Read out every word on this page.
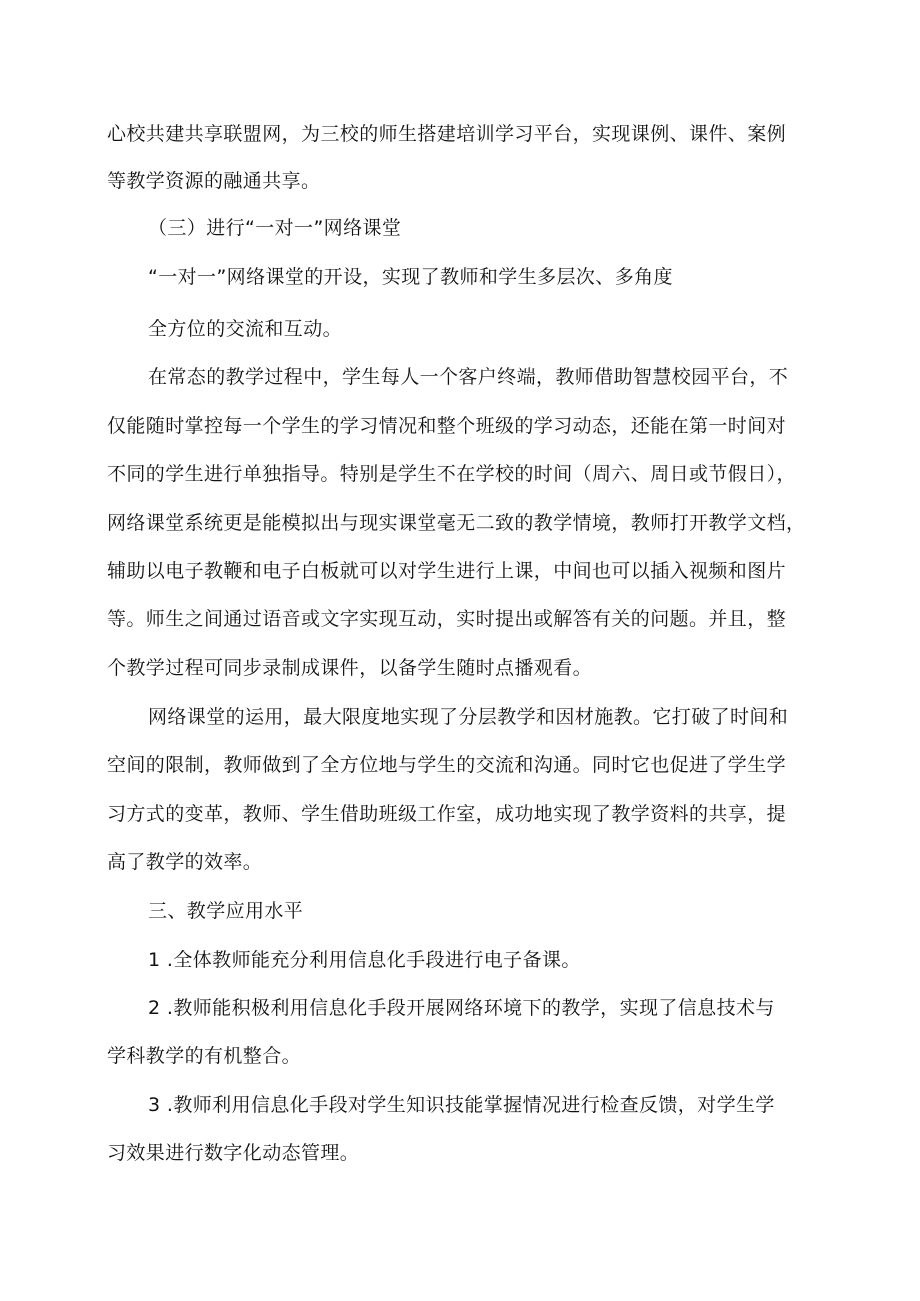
心校共建共享联盟网，为三校的师生搭建培训学习平台，实现课例、课件、案例
等教学资源的融通共享。
（三）进行“一对一”网络课堂
“一对一”网络课堂的开设，实现了教师和学生多层次、多角度
全方位的交流和互动。
在常态的教学过程中，学生每人一个客户终端，教师借助智慧校园平台，不
仅能随时掌控每一个学生的学习情况和整个班级的学习动态，还能在第一时间对
不同的学生进行单独指导。特别是学生不在学校的时间（周六、周日或节假日），
网络课堂系统更是能模拟出与现实课堂毫无二致的教学情境，教师打开教学文档，
辅助以电子教鞭和电子白板就可以对学生进行上课，中间也可以插入视频和图片
等。师生之间通过语音或文字实现互动，实时提出或解答有关的问题。并且，整
个教学过程可同步录制成课件，以备学生随时点播观看。
网络课堂的运用，最大限度地实现了分层教学和因材施教。它打破了时间和
空间的限制，教师做到了全方位地与学生的交流和沟通。同时它也促进了学生学
习方式的变革，教师、学生借助班级工作室，成功地实现了教学资料的共享，提
高了教学的效率。
三、教学应用水平
1 .全体教师能充分利用信息化手段进行电子备课。
2 .教师能积极利用信息化手段开展网络环境下的教学，实现了信息技术与
学科教学的有机整合。
3 .教师利用信息化手段对学生知识技能掌握情况进行检查反馈，对学生学
习效果进行数字化动态管理。
